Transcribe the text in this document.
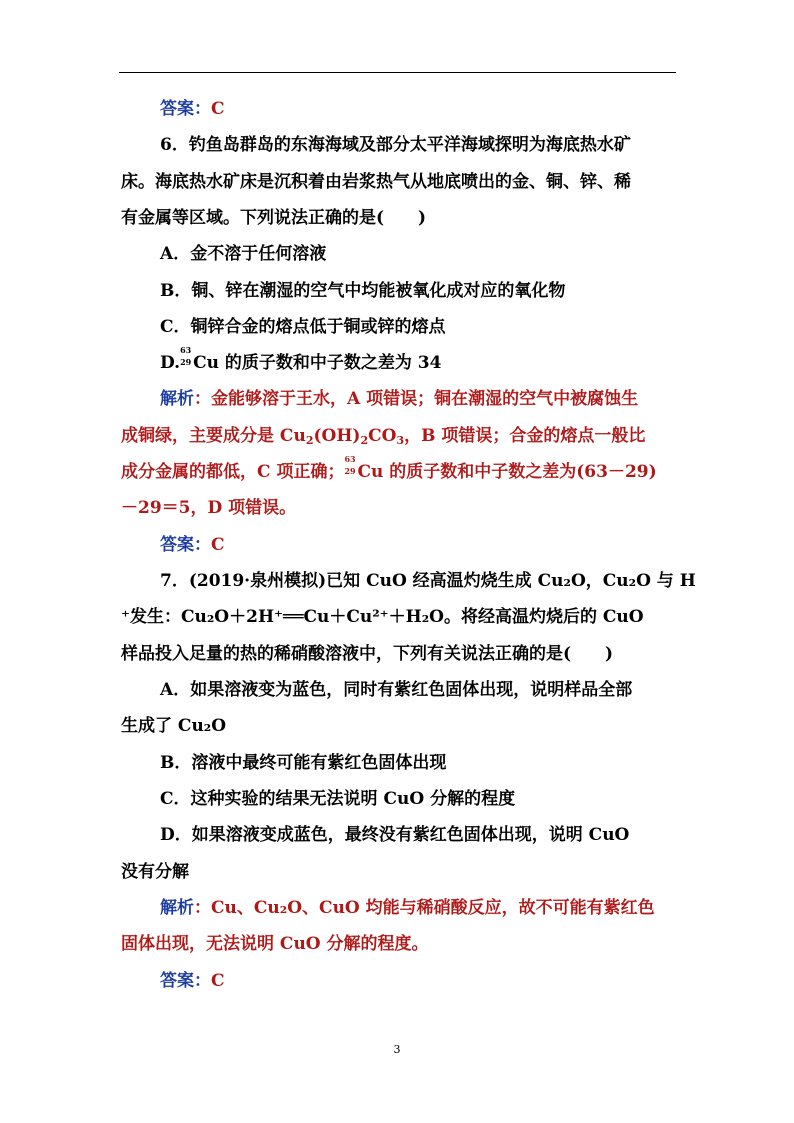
答案：C
6．钓鱼岛群岛的东海海域及部分太平洋海域探明为海底热水矿
床。海底热水矿床是沉积着由岩浆热气从地底喷出的金、铜、锌、稀
有金属等区域。下列说法正确的是(　　)
A．金不溶于任何溶液
B．铜、锌在潮湿的空气中均能被氧化成对应的氧化物
C．铜锌合金的熔点低于铜或锌的熔点
D.
63
29 Cu 的质子数和中子数之差为 34
解析：金能够溶于王水，A 项错误；铜在潮湿的空气中被腐蚀生
成铜绿，主要成分是 $Cu_2(OH)_2CO_3$，B 项错误；合金的熔点一般比
成分金属的都低，C 项正确；
63
29 Cu 的质子数和中子数之差为(63－29)
－29＝5，D 项错误。
答案：C
7．(2019·泉州模拟)已知 CuO 经高温灼烧生成 Cu₂O，Cu₂O 与 H
⁺发生：Cu₂O＋2H⁺══Cu＋Cu²⁺＋H₂O。将经高温灼烧后的 CuO
样品投入足量的热的稀硝酸溶液中，下列有关说法正确的是(　　)
A．如果溶液变为蓝色，同时有紫红色固体出现，说明样品全部
生成了 Cu₂O
B．溶液中最终可能有紫红色固体出现
C．这种实验的结果无法说明 CuO 分解的程度
D．如果溶液变成蓝色，最终没有紫红色固体出现，说明 CuO
没有分解
解析：Cu、Cu₂O、CuO 均能与稀硝酸反应，故不可能有紫红色
固体出现，无法说明 CuO 分解的程度。
答案：C
3
